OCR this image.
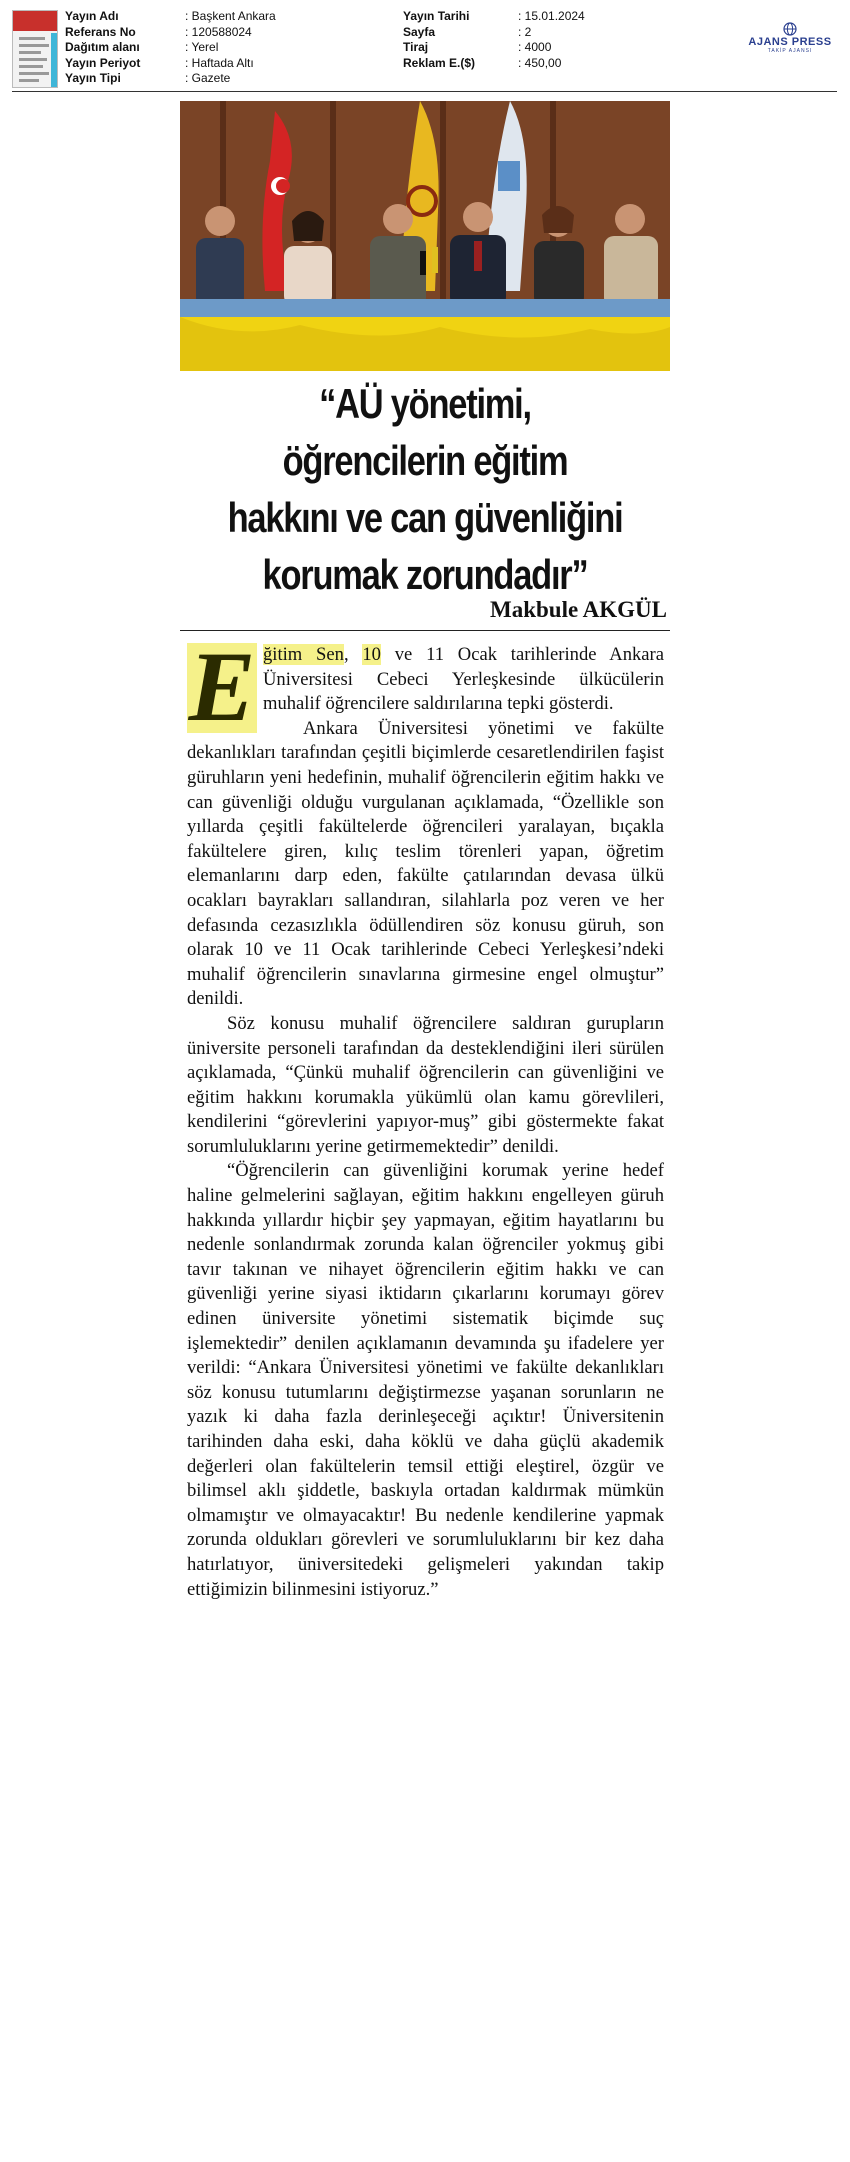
Yayın Adı
Referans No
Dağıtım alanı
Yayın Periyot
Yayın Tipi
: Başkent Ankara
: 120588024
: Yerel
: Haftada Altı
: Gazete
Yayın Tarihi
Sayfa
Tiraj
Reklam E.($)
: 15.01.2024
: 2
: 4000
: 450,00
AJANS PRESS
TAKİP AJANSI
“AÜ yönetimi,
öğrencilerin eğitim
hakkını ve can güvenliğini
korumak zorundadır”
Makbule AKGÜL

E ğitim Sen, 10 ve 11 Ocak tarihlerinde Ankara Üniversitesi Cebeci Yerleşkesinde ülkücülerin muhalif öğrencilere saldırılarına tepki gösterdi.

Ankara Üniversitesi yönetimi ve fakülte dekanlıkları tarafından çeşitli biçimlerde cesaretlendirilen faşist güruhların yeni hedefinin, muhalif öğrencilerin eğitim hakkı ve can güvenliği olduğu vurgulanan açıklamada, “Özellikle son yıllarda çeşitli fakültelerde öğrencileri yaralayan, bıçakla fakültelere giren, kılıç teslim törenleri yapan, öğretim elemanlarını darp eden, fakülte çatılarından devasa ülkü ocakları bayrakları sallandıran, silahlarla poz veren ve her defasında cezasızlıkla ödüllendiren söz konusu güruh, son olarak 10 ve 11 Ocak tarihlerinde Cebeci Yerleşkesi’ndeki muhalif öğrencilerin sınavlarına girmesine engel olmuştur” denildi.

Söz konusu muhalif öğrencilere saldıran gurupların üniversite personeli tarafından da desteklendiğini ileri sürülen açıklamada, “Çünkü muhalif öğrencilerin can güvenliğini ve eğitim hakkını korumakla yükümlü olan kamu görevlileri, kendilerini “görevlerini yapıyor-muş” gibi göstermekte fakat sorumluluklarını yerine getirmemektedir” denildi.

“Öğrencilerin can güvenliğini korumak yerine hedef haline gelmelerini sağlayan, eğitim hakkını engelleyen güruh hakkında yıllardır hiçbir şey yapmayan, eğitim hayatlarını bu nedenle sonlandırmak zorunda kalan öğrenciler yokmuş gibi tavır takınan ve nihayet öğrencilerin eğitim hakkı ve can güvenliği yerine siyasi iktidarın çıkarlarını korumayı görev edinen üniversite yönetimi sistematik biçimde suç işlemektedir” denilen açıklamanın devamında şu ifadelere yer verildi: “Ankara Üniversitesi yönetimi ve fakülte dekanlıkları söz konusu tutumlarını değiştirmezse yaşanan sorunların ne yazık ki daha fazla derinleşeceği açıktır! Üniversitenin tarihinden daha eski, daha köklü ve daha güçlü akademik değerleri olan fakültelerin temsil ettiği eleştirel, özgür ve bilimsel aklı şiddetle, baskıyla ortadan kaldırmak mümkün olmamıştır ve olmayacaktır! Bu nedenle kendilerine yapmak zorunda oldukları görevleri ve sorumluluklarını bir kez daha hatırlatıyor, üniversitedeki gelişmeleri yakından takip ettiğimizin bilinmesini istiyoruz.”
